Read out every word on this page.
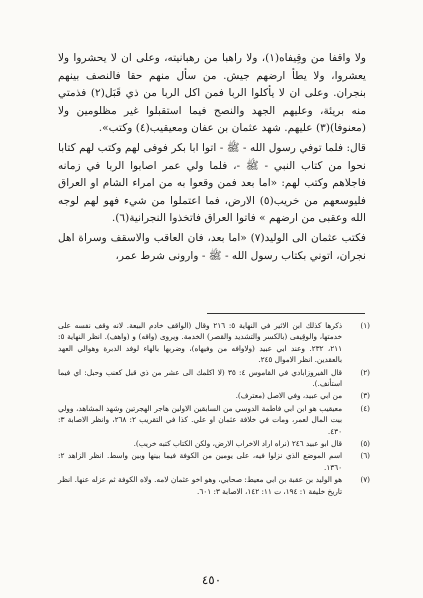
ولا واقفا من وقِيفاه(١)، ولا راهبا من رهبانيته، وعلى ان لا يحشروا ولا يعشروا، ولا يطأ ارضهم جيش. من سأل منهم حقا فالنصف بينهم بنجران. وعلى ان لا يأكلوا الربا فمن اكل الربا من ذي قَبَل(٢) فذمتي منه بريئة، وعليهم الجهد والنصح فيما استقبلوا غير مظلومين ولا (معنوفا)(٣) عليهم. شهد عثمان بن عفان ومعيقيب(٤) وكتب».

قال: فلما توفي رسول الله - ﷺ - اتوا ابا بكر فوفى لهم وكتب لهم كتابا نحوا من كتاب النبي - ﷺ -، فلما ولي عمر اصابوا الربا في زمانه فاجلاهم وكتب لهم: «اما بعد فمن وقعوا به من امراء الشام او العراق فليوسعهم من خريب(٥) الارض، فما اعتملوا من شيء فهو لهم لوجه الله وعقبى من ارضهم » فاتوا العراق فاتخذوا النجرانية(٦).

فكتب عثمان الى الوليد(٧) «اما بعد، فان العاقب والاسقف وسراة اهل نجران، اتوني بكتاب رسول الله - ﷺ - وارونى شرط عمر،

(١)
ذكرها كذلك ابن الاثير في النهاية ٥: ٢١٦ وقال (الواقف خادم البيعة. لانه وقف نفسه على خدمتها، والوقِيفى (بالكسر والتشديد والقصر) الخدمة. ويروى (واقه) و (واهف). انظر النهاية ٥: ٢١١، ٢٣٢. وعند ابي عبيد (ولاوافه من وفيهاه)، وضربها بالهاء لوفد الدبرة وهوالي العهد بالعقدين. انظر الاموال ٢٤٥.
(٢)
قال الفيروزابادي في القاموس ٤: ٣٥ (لا اكلمك الى عشر من ذي قبل كعنب وحبل: اي فيما استأنف.).
(٣)
من ابي عبيد، وفي الاصل (معترف).
(٤)
معيقيب هو ابن ابي فاطمة الدوسي من السابقين الاولين هاجر الهجرتين وشهد المشاهد، وولي بيت المال لعمر، ومات في خلافة عثمان او علي. كذا في التقريب ٢: ٢٦٨، وانظر الاصابة ٣: ٤٣٠.
(٥)
قال ابو عبيد ٢٤٦ (نراه اراد الاخراب الارض، ولكن الكتاب كتبه خريب).
(٦)
اسم الموضع الذي نزلوا فيه، على يومين من الكوفة فيما بينها وبين واسط. انظر الزاهد ٢: ١٣٦٠.
(٧)
هو الوليد بن عقبة بن ابي معيط: صحابي، وهو اخو عثمان لامه. ولاه الكوفة ثم عزله عنها. انظر تاريخ خليفة ١: ١٩٤، ت ١١: ١٤٢، الاصابة ٣: ٦٠١.
٤٥٠
